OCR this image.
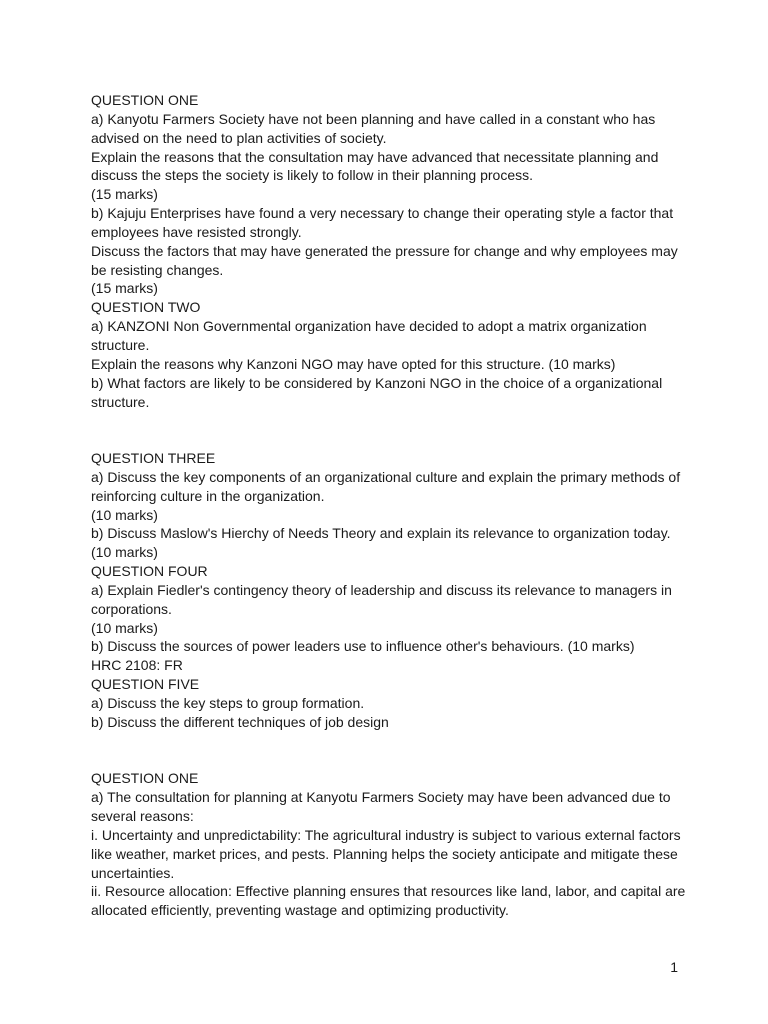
QUESTION ONE

a) Kanyotu Farmers Society have not been planning and have called in a constant who has advised on the need to plan activities of society.

Explain the reasons that the consultation may have advanced that necessitate planning and discuss the steps the society is likely to follow in their planning process.

(15 marks)

b) Kajuju Enterprises have found a very necessary to change their operating style a factor that employees have resisted strongly.

Discuss the factors that may have generated the pressure for change and why employees may be resisting changes.

(15 marks)

QUESTION TWO

a) KANZONI Non Governmental organization have decided to adopt a matrix organization structure.

Explain the reasons why Kanzoni NGO may have opted for this structure. (10 marks)

b) What factors are likely to be considered by Kanzoni NGO in the choice of a organizational structure.

QUESTION THREE

a) Discuss the key components of an organizational culture and explain the primary methods of reinforcing culture in the organization.

(10 marks)

b) Discuss Maslow's Hierchy of Needs Theory and explain its relevance to organization today.

(10 marks)

QUESTION FOUR

a) Explain Fiedler's contingency theory of leadership and discuss its relevance to managers in corporations.

(10 marks)

b) Discuss the sources of power leaders use to influence other's behaviours. (10 marks)

HRC 2108: FR

QUESTION FIVE

a) Discuss the key steps to group formation.

b) Discuss the different techniques of job design

QUESTION ONE

a) The consultation for planning at Kanyotu Farmers Society may have been advanced due to several reasons:

i. Uncertainty and unpredictability: The agricultural industry is subject to various external factors like weather, market prices, and pests. Planning helps the society anticipate and mitigate these uncertainties.

ii. Resource allocation: Effective planning ensures that resources like land, labor, and capital are allocated efficiently, preventing wastage and optimizing productivity.

1
